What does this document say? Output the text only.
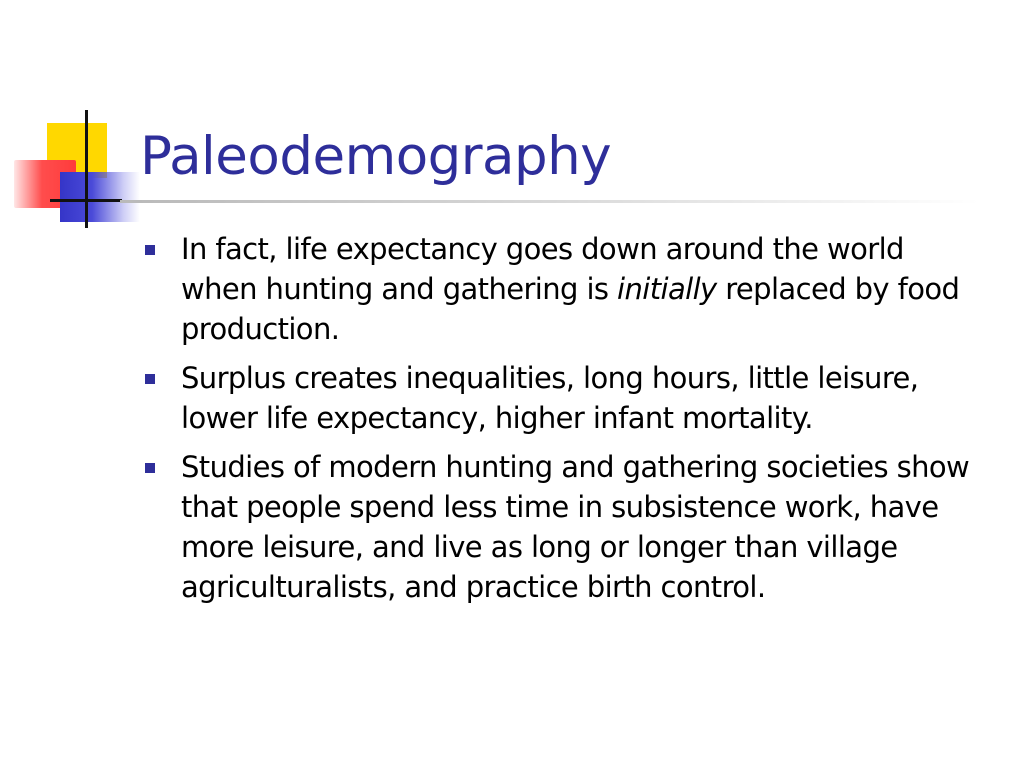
Paleodemography
In fact, life expectancy goes down around the world when hunting and gathering is initially replaced by food production.
Surplus creates inequalities, long hours, little leisure, lower life expectancy, higher infant mortality.
Studies of modern hunting and gathering societies show that people spend less time in subsistence work, have more leisure, and live as long or longer than village agriculturalists, and practice birth control.
